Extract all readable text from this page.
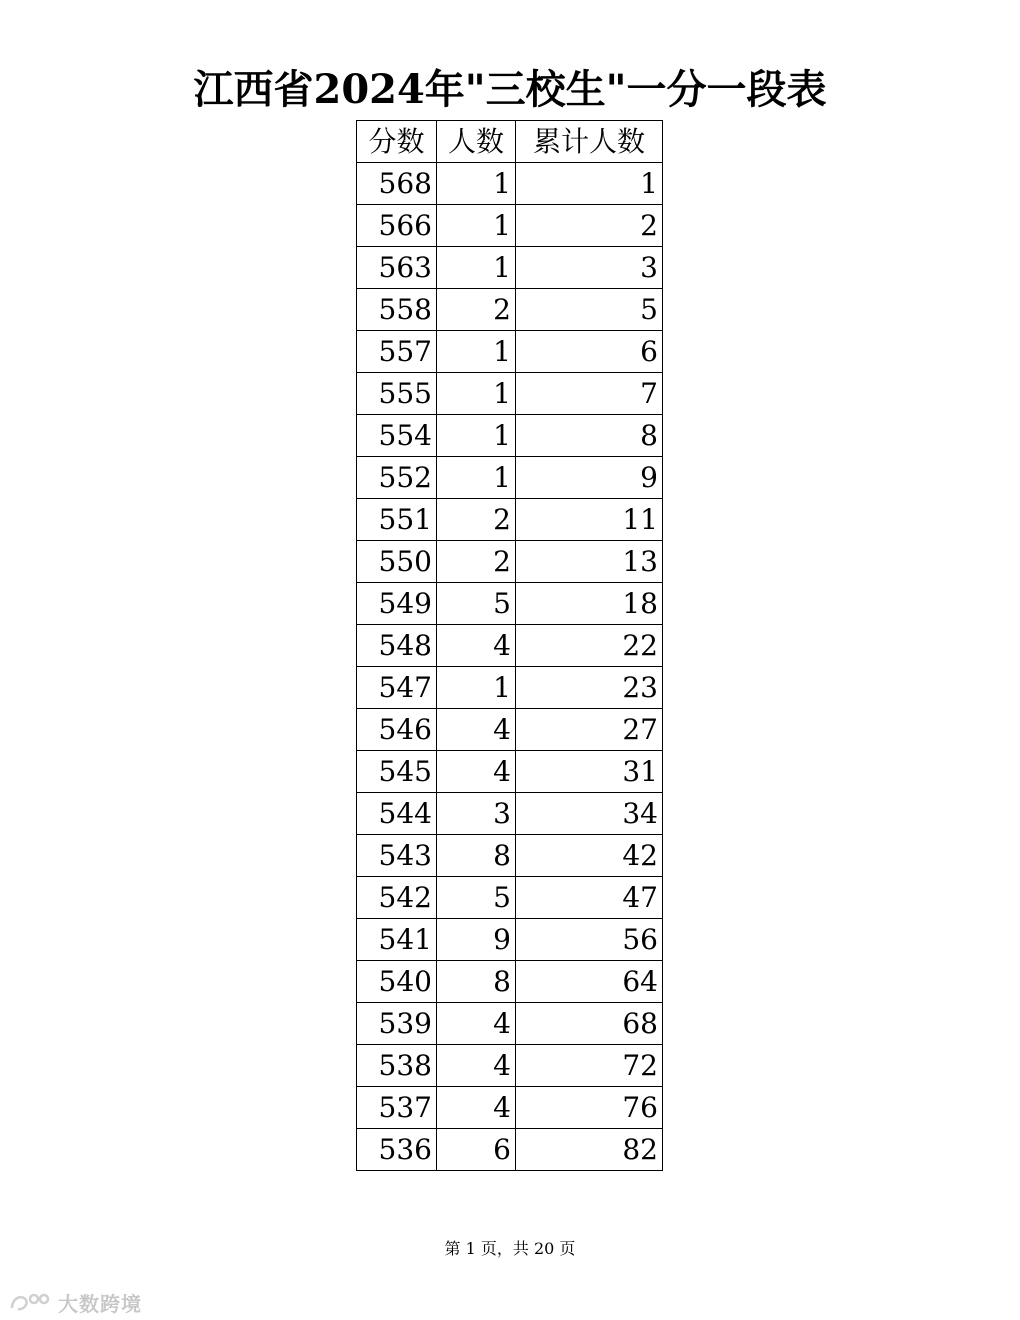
江西省2024年"三校生"一分一段表
分数	人数	累计人数
568	1	1
566	1	2
563	1	3
558	2	5
557	1	6
555	1	7
554	1	8
552	1	9
551	2	11
550	2	13
549	5	18
548	4	22
547	1	23
546	4	27
545	4	31
544	3	34
543	8	42
542	5	47
541	9	56
540	8	64
539	4	68
538	4	72
537	4	76
536	6	82
第 1 页，共 20 页
大数跨境
